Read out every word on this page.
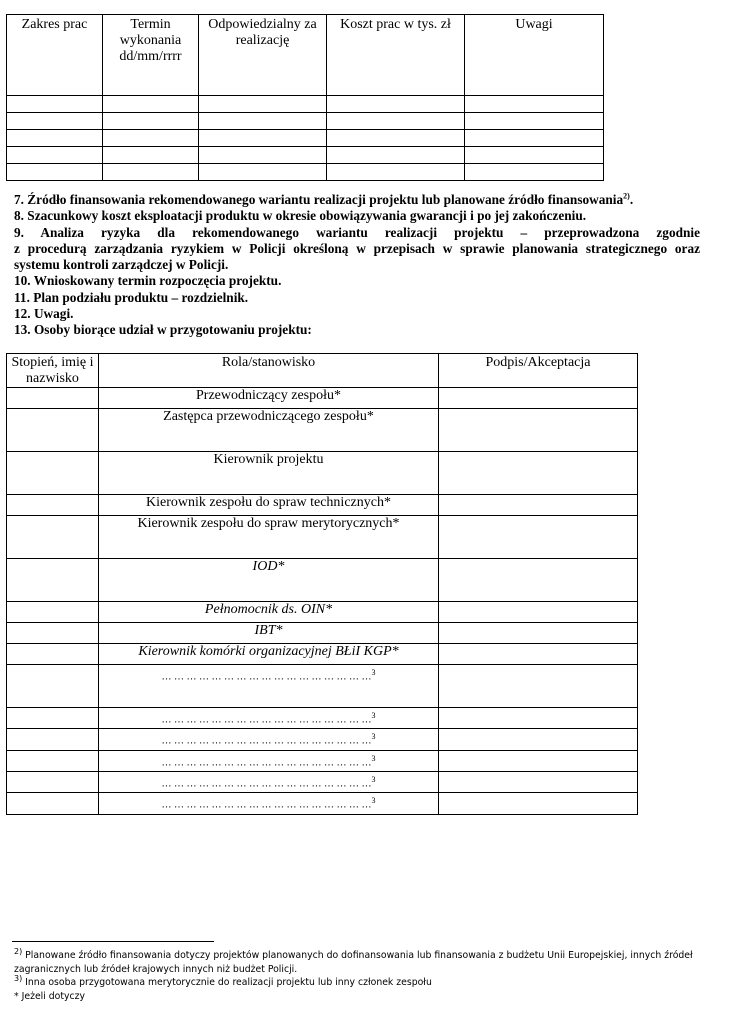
Zakres prac	Termin wykonania dd/mm/rrrr	Odpowiedzialny za realizację	Koszt prac w tys. zł	Uwagi

7. Źródło finansowania rekomendowanego wariantu realizacji projektu lub planowane źródło finansowania$^{2)}$.

8. Szacunkowy koszt eksploatacji produktu w okresie obowiązywania gwarancji i po jej zakończeniu.

9. Analiza ryzyka dla rekomendowanego wariantu realizacji projektu – przeprowadzona zgodnie

z procedurą zarządzania ryzykiem w Policji określoną w przepisach w sprawie planowania strategicznego oraz

systemu kontroli zarządczej w Policji.

10. Wnioskowany termin rozpoczęcia projektu.

11. Plan podziału produktu – rozdzielnik.

12. Uwagi.

13. Osoby biorące udział w przygotowaniu projektu:

Stopień, imię i nazwisko	Rola/stanowisko	Podpis/Akceptacja
	Przewodniczący zespołu*	
	Zastępca przewodniczącego zespołu*	
	Kierownik projektu	
	Kierownik zespołu do spraw technicznych*	
	Kierownik zespołu do spraw merytorycznych*	
	IOD*	
	Pełnomocnik ds. OIN*	
	IBT*	
	Kierownik komórki organizacyjnej BŁiI KGP*	
	… … … … … … … … … … … … … … … … …$^3$	
	… … … … … … … … … … … … … … … … …$^3$	
	… … … … … … … … … … … … … … … … …$^3$	
	… … … … … … … … … … … … … … … … …$^3$	
	… … … … … … … … … … … … … … … … …$^3$	
	… … … … … … … … … … … … … … … … …$^3$	

$^{2)}$ Planowane źródło finansowania dotyczy projektów planowanych do dofinansowania lub finansowania z budżetu Unii Europejskiej, innych źródeł zagranicznych lub źródeł krajowych innych niż budżet Policji.

$^{3)}$ Inna osoba przygotowana merytorycznie do realizacji projektu lub inny członek zespołu

* Jeżeli dotyczy
